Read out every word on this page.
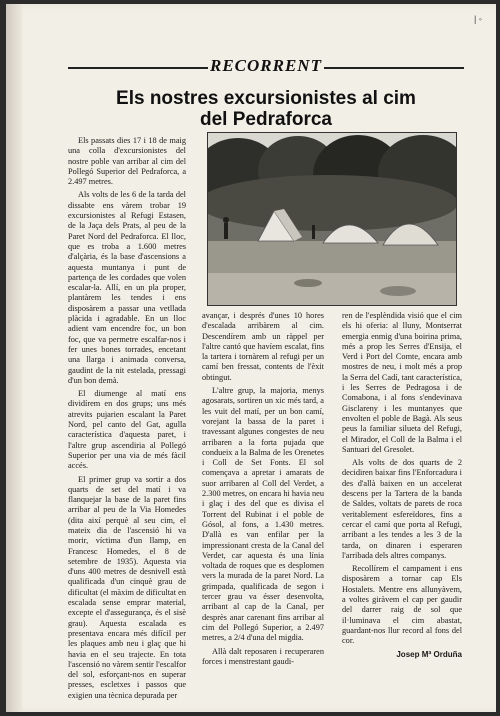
| ◦
RECORRENT
Els nostres excursionistes al cim
del Pedraforca

Els passats dies 17 i 18 de maig una colla d'excursionistes del nostre poble van arribar al cim del Pollegó Superior del Pedraforca, a 2.497 metres.

Als volts de les 6 de la tarda del dissabte ens vàrem trobar 19 excursionistes al Refugi Estasen, de la Jaça dels Prats, al peu de la Paret Nord del Pedraforca. El lloc, que es troba a 1.600 metres d'alçària, és la base d'ascensions a aquesta muntanya i punt de partença de les cordades que volen escalar-la. Allí, en un pla proper, plantàrem les tendes i ens disposàrem a passar una vetllada plàcida i agradable. En un lloc adient vam encendre foc, un bon foc, que va permetre escalfar-nos i fer unes bones torrades, encetant una llarga i animada conversa, gaudint de la nit estelada, pressagi d'un bon demà.

El diumenge al matí ens dividírem en dos grups; uns més atrevits pujarien escalant la Paret Nord, pel canto del Gat, agulla característica d'aquesta paret, i l'altre grup ascendiria al Pollegó Superior per una via de més fàcil accés.

El primer grup va sortir a dos quarts de set del matí i va flanquejar la base de la paret fins arribar al peu de la Via Homedes (dita així perquè al seu cim, el mateix dia de l'ascensió hi va morir, víctima d'un llamp, en Francesc Homedes, el 8 de setembre de 1935). Aquesta via d'uns 400 metres de desnivell està qualificada d'un cinquè grau de dificultat (el màxim de dificultat en escalada sense emprar material, excepte el d'assegurança, és el sisè grau). Aquesta escalada es presentava encara més difícil per les plaques amb neu i glaç que hi havia en el seu trajecte. En tota l'ascensió no vàrem sentir l'escalfor del sol, esforçant-nos en superar presses, escletxes i passos que exigien una tècnica depurada per

avançar, i després d'unes 10 hores d'escalada arribàrem al cim. Descendírem amb un ràppel per l'altre cantó que havíem escalat, fins la tartera i tornàrem al refugi per un camí ben fressat, contents de l'èxit obtingut.

L'altre grup, la majoria, menys agosarats, sortiren un xic més tard, a les vuit del matí, per un bon camí, vorejant la bassa de la paret i travessant algunes congestes de neu arribaren a la forta pujada que condueix a la Balma de les Orenetes i Coll de Set Fonts. El sol començava a apretar i amarats de suor arribaren al Coll del Verdet, a 2.300 metres, on encara hi havia neu i glaç i des del que es divisa el Torrent del Rubinat i el poble de Gósol, al fons, a 1.430 metres. D'allà es van enfilar per la impressionant cresta de la Canal del Verdet, car aquesta és una línia voltada de roques que es desplomen vers la murada de la paret Nord. La grimpada, qualificada de segon i tercer grau va ésser desenvolta, arribant al cap de la Canal, per desprès anar carenant fins arribar al cim del Pollegó Superior, a 2.497 metres, a 2/4 d'una del migdia.

Allà dalt reposaren i recuperaren forces i menstrestant gaudi-

ren de l'esplèndida visió que el cim els hi oferia: al lluny, Montserrat emergia enmig d'una boirina prima, més a prop les Serres d'Ensija, el Verd i Port del Comte, encara amb mostres de neu, i molt més a prop la Serra del Cadí, tant característica, i les Serres de Pedragosa i de Comabona, i al fons s'endevinava Gisclareny i les muntanyes que envolten el poble de Bagà. Als seus peus la familiar silueta del Refugi, el Mirador, el Coll de la Balma i el Santuari del Gresolet.

Als volts de dos quarts de 2 decidiren baixar fins l'Enforcadura i des d'allà baixen en un accelerat descens per la Tartera de la banda de Saldes, voltats de parets de roca veritablement esfereïdores, fins a cercar el camí que porta al Refugi, arribant a les tendes a les 3 de la tarda, on dinaren i esperaren l'arribada dels altres companys.

Recollírem el campament i ens disposàrem a tornar cap Els Hostalets. Mentre ens allunyàvem, a voltes giràvem el cap per gaudir del darrer raig de sol que il·luminava el cim abastat, guardant-nos llur record al fons del cor.

Josep Mª Orduña
